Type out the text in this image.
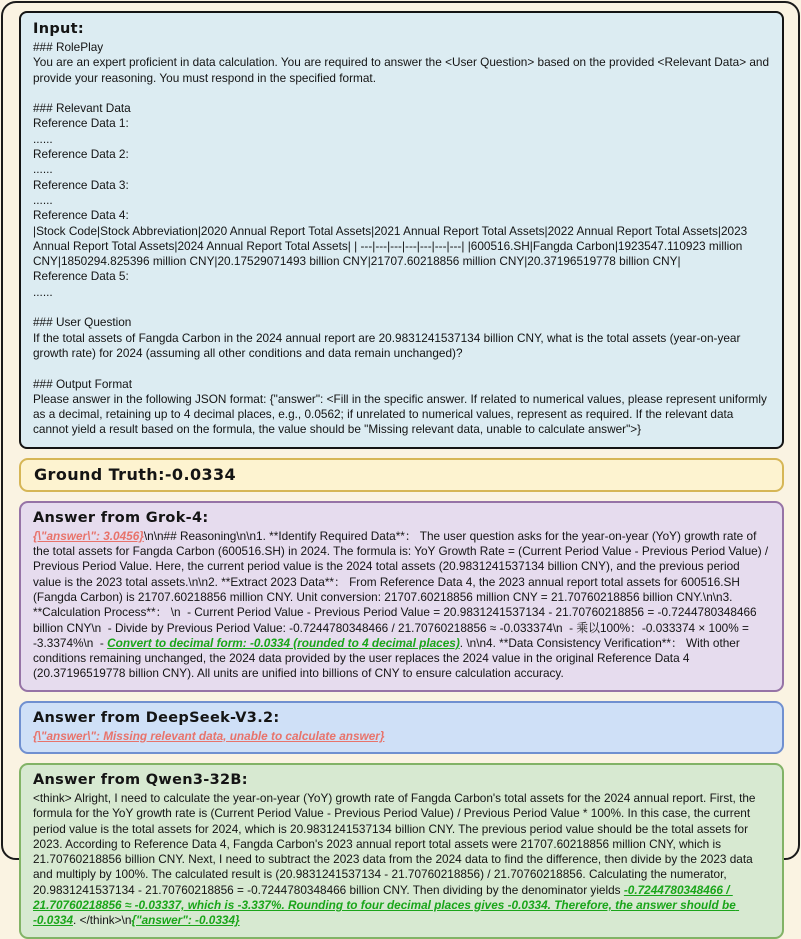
Input:
### RolePlay
You are an expert proficient in data calculation. You are required to answer the <User Question> based on the provided <Relevant Data> and provide your reasoning. You must respond in the specified format.

### Relevant Data
Reference Data 1:
......
Reference Data 2:
......
Reference Data 3:
......
Reference Data 4:
|Stock Code|Stock Abbreviation|2020 Annual Report Total Assets|2021 Annual Report Total Assets|2022 Annual Report Total Assets|2023 Annual Report Total Assets|2024 Annual Report Total Assets| | ---|---|---|---|---|---|---| |600516.SH|Fangda Carbon|1923547.110923 million CNY|1850294.825396 million CNY|20.17529071493 billion CNY|21707.60218856 million CNY|20.37196519778 billion CNY|
Reference Data 5:
......

### User Question
If the total assets of Fangda Carbon in the 2024 annual report are 20.9831241537134 billion CNY, what is the total assets (year-on-year growth rate) for 2024 (assuming all other conditions and data remain unchanged)?

### Output Format
Please answer in the following JSON format: {"answer": <Fill in the specific answer. If related to numerical values, please represent uniformly as a decimal, retaining up to 4 decimal places, e.g., 0.0562; if unrelated to numerical values, represent as required. If the relevant data cannot yield a result based on the formula, the value should be "Missing relevant data, unable to calculate answer">}
Ground Truth:-0.0334
Answer from Grok-4:
{\"answer\": 3.0456}\n\n## Reasoning\n\n1. **Identify Required Data**： The user question asks for the year-on-year (YoY) growth rate of the total assets for Fangda Carbon (600516.SH) in 2024. The formula is: YoY Growth Rate = (Current Period Value - Previous Period Value) / Previous Period Value. Here, the current period value is the 2024 total assets (20.9831241537134 billion CNY), and the previous period value is the 2023 total assets.\n\n2. **Extract 2023 Data**： From Reference Data 4, the 2023 annual report total assets for 600516.SH (Fangda Carbon) is 21707.60218856 million CNY. Unit conversion: 21707.60218856 million CNY = 21.70760218856 billion CNY.\n\n3. **Calculation Process**： \n  - Current Period Value - Previous Period Value = 20.9831241537134 - 21.70760218856 = -0.7244780348466 billion CNY\n  - Divide by Previous Period Value: -0.7244780348466 / 21.70760218856 ≈ -0.033374\n  - 乘以100%：-0.033374 × 100% = -3.3374%\n  - Convert to decimal form: -0.0334 (rounded to 4 decimal places). \n\n4. **Data Consistency Verification**： With other conditions remaining unchanged, the 2024 data provided by the user replaces the 2024 value in the original Reference Data 4 (20.37196519778 billion CNY). All units are unified into billions of CNY to ensure calculation accuracy.
Answer from DeepSeek-V3.2:
{\"answer\": Missing relevant data, unable to calculate answer}
Answer from Qwen3-32B:
<think> Alright, I need to calculate the year-on-year (YoY) growth rate of Fangda Carbon's total assets for the 2024 annual report. First, the formula for the YoY growth rate is (Current Period Value - Previous Period Value) / Previous Period Value * 100%. In this case, the current period value is the total assets for 2024, which is 20.9831241537134 billion CNY. The previous period value should be the total assets for 2023. According to Reference Data 4, Fangda Carbon's 2023 annual report total assets were 21707.60218856 million CNY, which is 21.70760218856 billion CNY. Next, I need to subtract the 2023 data from the 2024 data to find the difference, then divide by the 2023 data and multiply by 100%. The calculated result is (20.9831241537134 - 21.70760218856) / 21.70760218856. Calculating the numerator, 20.9831241537134 - 21.70760218856 = -0.7244780348466 billion CNY. Then dividing by the denominator yields -0.7244780348466 / 21.70760218856 ≈ -0.03337, which is -3.337%. Rounding to four decimal places gives -0.0334. Therefore, the answer should be -0.0334. </think>\n{"answer": -0.0334}
